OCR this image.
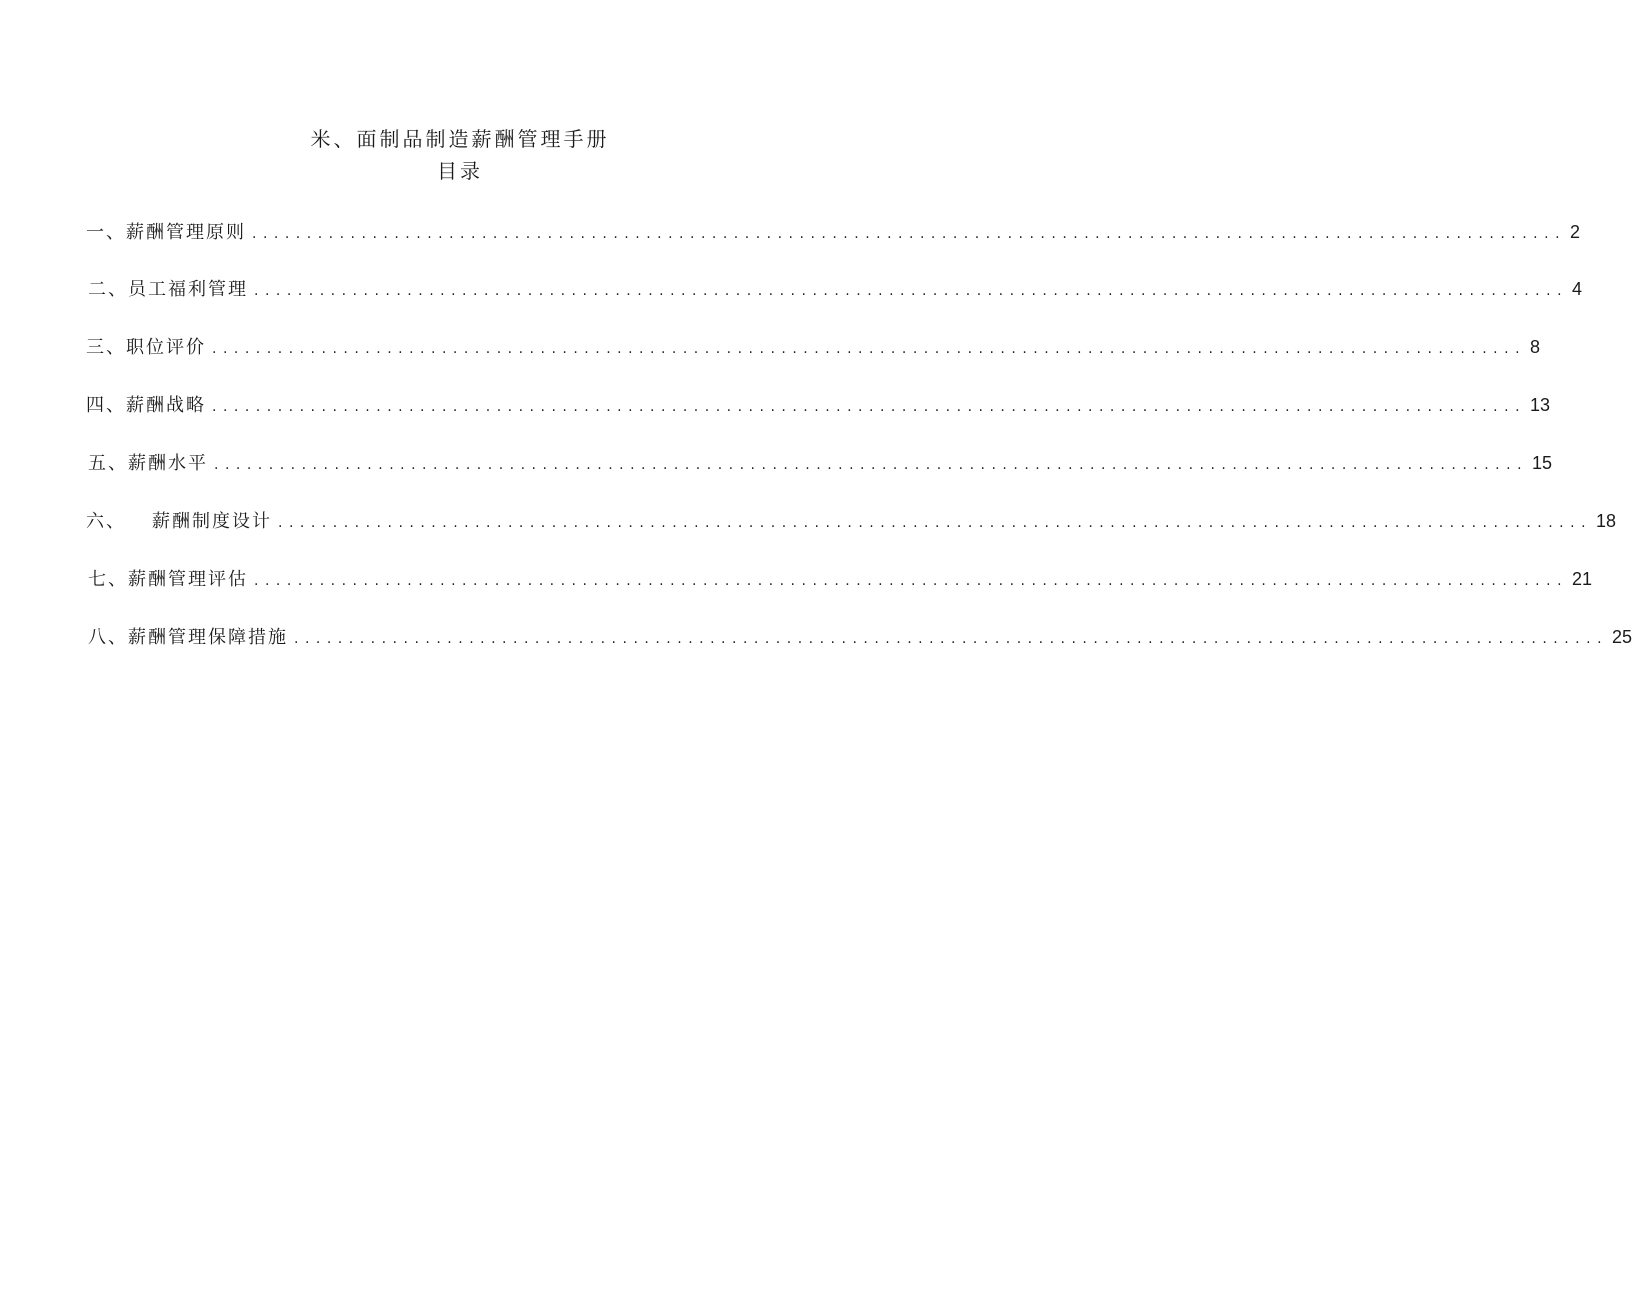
米、面制品制造薪酬管理手册
目录
一、 薪酬管理原则 ........................................................................................................................ 2
二、 员工福利管理 ........................................................................................................................ 4
三、 职位评价 ........................................................................................................................ 8
四、 薪酬战略 ........................................................................................................................ 13
五、 薪酬水平 ........................................................................................................................ 15
六、 薪酬制度设计 ........................................................................................................................ 18
七、 薪酬管理评估 ........................................................................................................................ 21
八、 薪酬管理保障措施 ........................................................................................................................ 25
